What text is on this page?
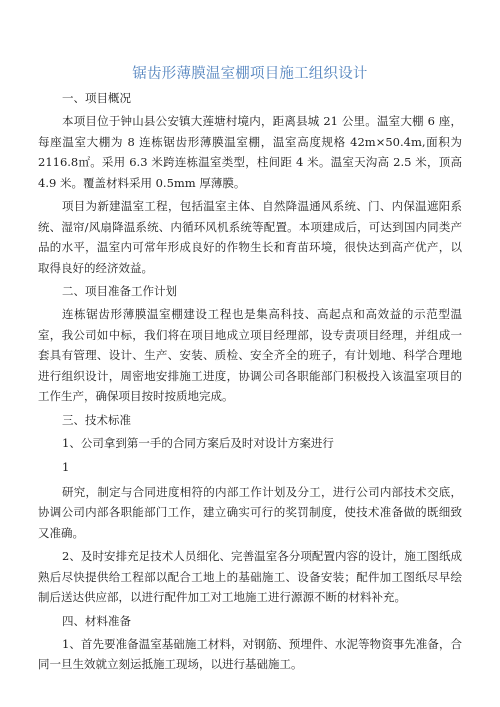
锯齿形薄膜温室棚项目施工组织设计
一、项目概况
本项目位于钟山县公安镇大莲塘村境内，距离县城 21 公里。温室大棚 6 座，每座温室大棚为 8 连栋锯齿形薄膜温室棚，温室高度规格 42m×50.4m,面积为 2116.8㎡。采用 6.3 米跨连栋温室类型，柱间距 4 米。温室天沟高 2.5 米，顶高 4.9 米。覆盖材料采用 0.5mm 厚薄膜。
项目为新建温室工程，包括温室主体、自然降温通风系统、门、内保温遮阳系统、湿帘/风扇降温系统、内循环风机系统等配置。本项建成后，可达到国内同类产品的水平，温室内可常年形成良好的作物生长和育苗环境，很快达到高产优产，以取得良好的经济效益。
二、项目准备工作计划
连栋锯齿形薄膜温室棚建设工程也是集高科技、高起点和高效益的示范型温室，我公司如中标，我们将在项目地成立项目经理部，设专责项目经理，并组成一套具有管理、设计、生产、安装、质检、安全齐全的班子，有计划地、科学合理地进行组织设计，周密地安排施工进度，协调公司各职能部门积极投入该温室项目的工作生产，确保项目按时按质地完成。
三、技术标准
1、公司拿到第一手的合同方案后及时对设计方案进行
1
研究，制定与合同进度相符的内部工作计划及分工，进行公司内部技术交底，协调公司内部各职能部门工作，建立确实可行的奖罚制度，使技术准备做的既细致又准确。
2、及时安排充足技术人员细化、完善温室各分项配置内容的设计，施工图纸成熟后尽快提供给工程部以配合工地上的基础施工、设备安装；配件加工图纸尽早绘制后送达供应部，以进行配件加工对工地施工进行源源不断的材料补充。
四、材料准备
1、首先要准备温室基础施工材料，对钢筋、预埋件、水泥等物资事先准备，合同一旦生效就立刻运抵施工现场，以进行基础施工。
